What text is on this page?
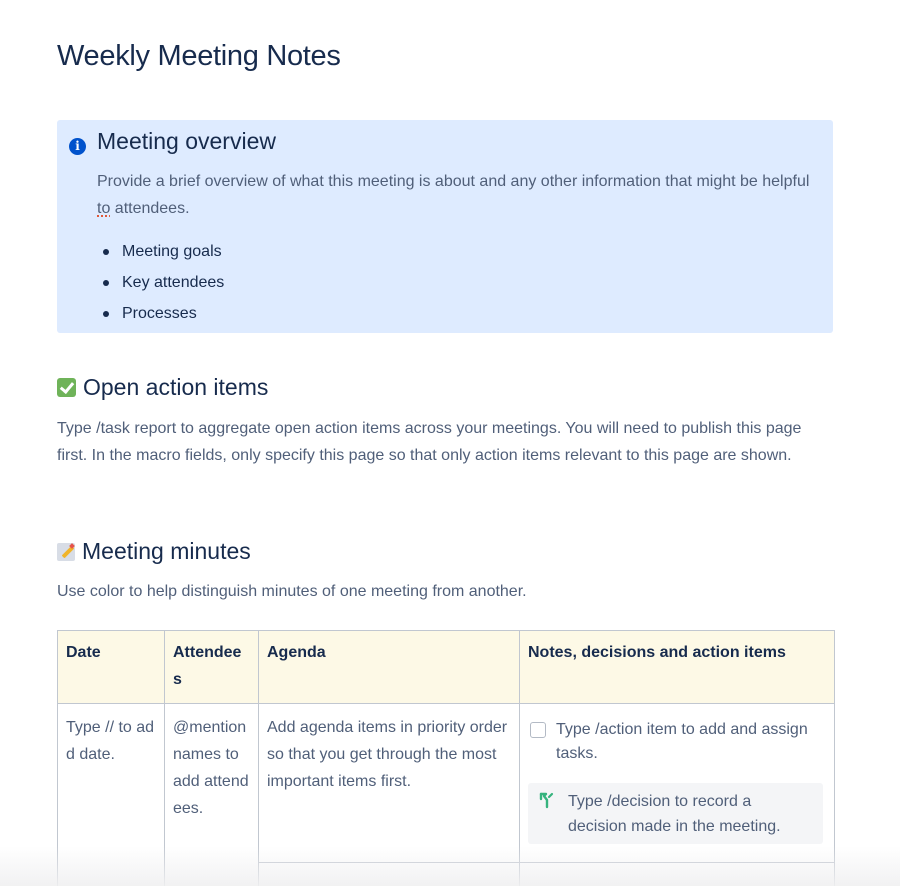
Weekly Meeting Notes
i Meeting overview

Provide a brief overview of what this meeting is about and any other information that might be helpful to attendees.

Meeting goals
Key attendees
Processes
Open action items

Type /task report to aggregate open action items across your meetings. You will need to publish this page first. In the macro fields, only specify this page so that only action items relevant to this page are shown.

Meeting minutes

Use color to help distinguish minutes of one meeting from another.

Date	Attendees	Agenda	Notes, decisions and action items
Type // to add date.	@mention names to add attendees.	Add agenda items in priority order so that you get through the most important items first.	Type /action item to add and assign tasks.
Type /decision to record a decision made in the meeting.
